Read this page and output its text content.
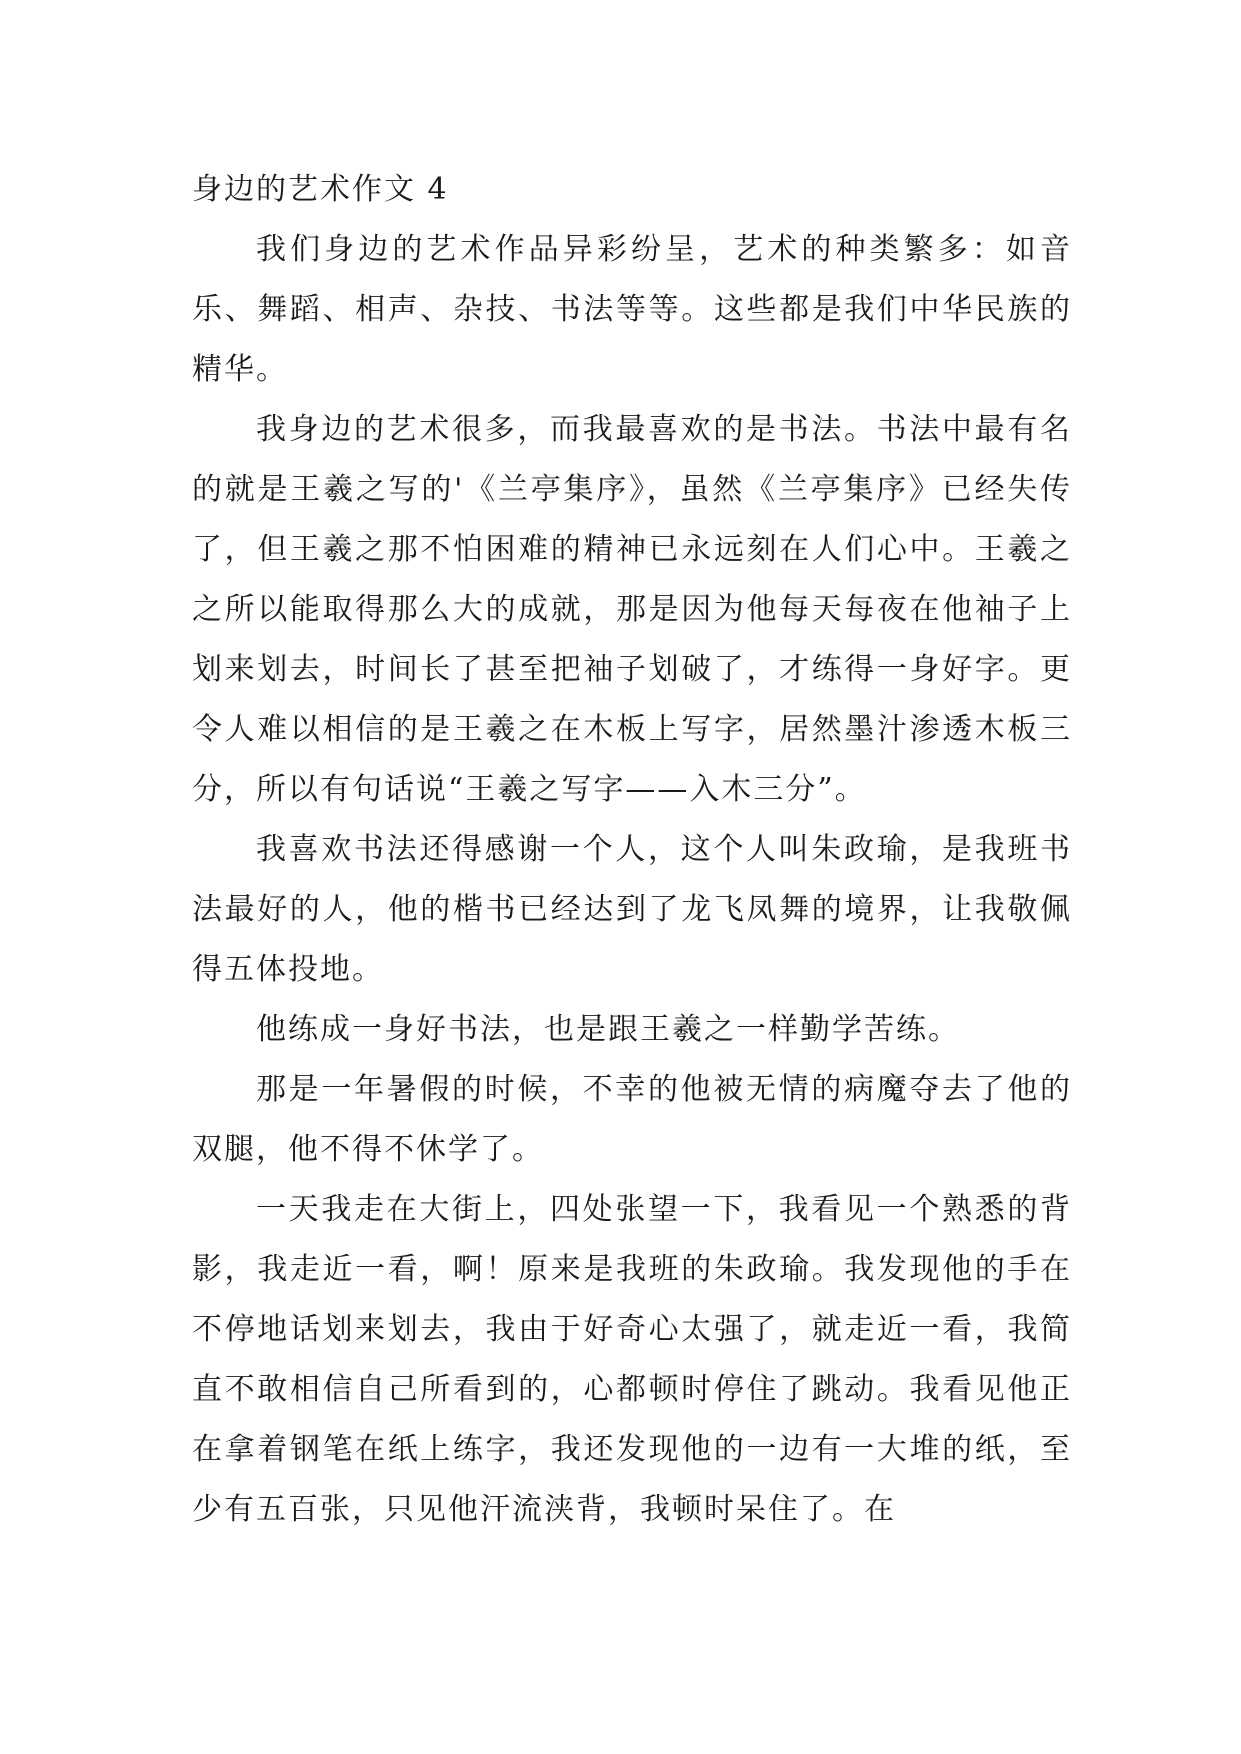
身边的艺术作文 4

我们身边的艺术作品异彩纷呈，艺术的种类繁多：如音乐、舞蹈、相声、杂技、书法等等。这些都是我们中华民族的精华。

我身边的艺术很多，而我最喜欢的是书法。书法中最有名的就是王羲之写的'《兰亭集序》，虽然《兰亭集序》已经失传了，但王羲之那不怕困难的精神已永远刻在人们心中。王羲之之所以能取得那么大的成就，那是因为他每天每夜在他袖子上划来划去，时间长了甚至把袖子划破了，才练得一身好字。更令人难以相信的是王羲之在木板上写字，居然墨汁渗透木板三分，所以有句话说“王羲之写字——入木三分”。

我喜欢书法还得感谢一个人，这个人叫朱政瑜，是我班书法最好的人，他的楷书已经达到了龙飞凤舞的境界，让我敬佩得五体投地。

他练成一身好书法，也是跟王羲之一样勤学苦练。

那是一年暑假的时候，不幸的他被无情的病魔夺去了他的双腿，他不得不休学了。

一天我走在大街上，四处张望一下，我看见一个熟悉的背影，我走近一看，啊！原来是我班的朱政瑜。我发现他的手在不停地话划来划去，我由于好奇心太强了，就走近一看，我简直不敢相信自己所看到的，心都顿时停住了跳动。我看见他正在拿着钢笔在纸上练字，我还发现他的一边有一大堆的纸，至少有五百张，只见他汗流浃背，我顿时呆住了。在
